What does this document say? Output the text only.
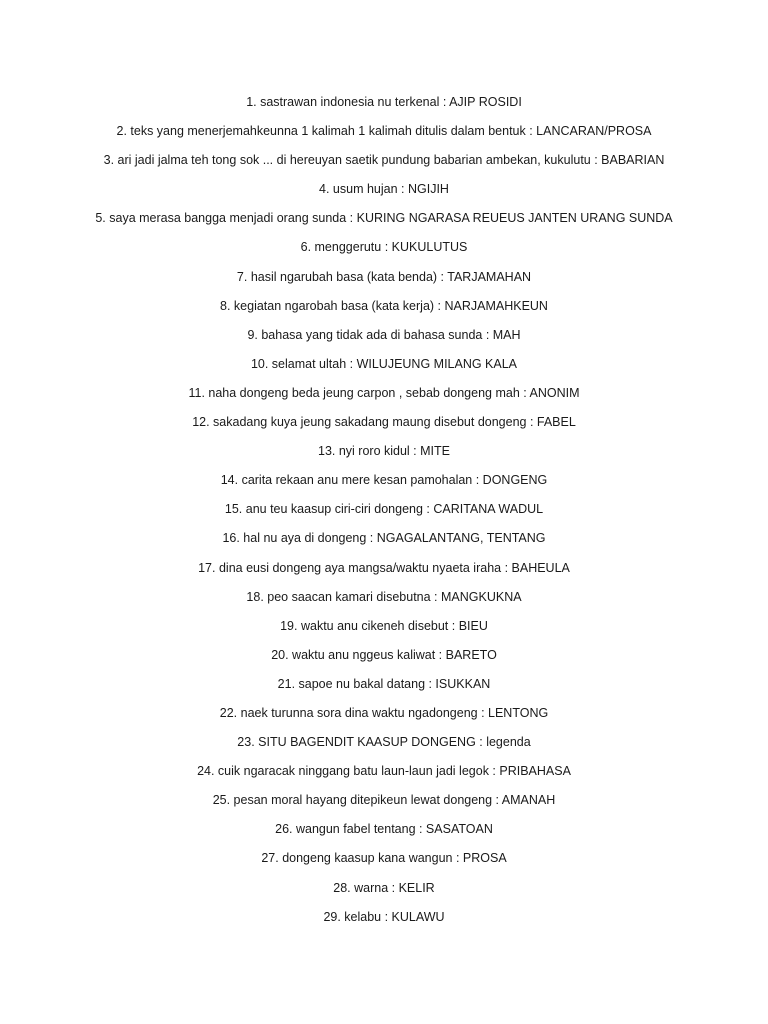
1. sastrawan indonesia nu terkenal : AJIP ROSIDI
2. teks yang menerjemahkeunna 1 kalimah 1 kalimah ditulis dalam bentuk : LANCARAN/PROSA
3. ari jadi jalma teh tong sok ... di hereuyan saetik pundung babarian ambekan, kukulutu : BABARIAN
4. usum hujan : NGIJIH
5. saya merasa bangga menjadi orang sunda : KURING NGARASA REUEUS JANTEN URANG SUNDA
6. menggerutu : KUKULUTUS
7. hasil ngarubah basa (kata benda) : TARJAMAHAN
8. kegiatan ngarobah basa (kata kerja) : NARJAMAHKEUN
9. bahasa yang tidak ada di bahasa sunda : MAH
10. selamat ultah : WILUJEUNG MILANG KALA
11. naha dongeng beda jeung carpon , sebab dongeng mah : ANONIM
12. sakadang kuya jeung sakadang maung disebut dongeng : FABEL
13. nyi roro kidul : MITE
14. carita rekaan anu mere kesan pamohalan : DONGENG
15. anu teu kaasup ciri-ciri dongeng : CARITANA WADUL
16. hal nu aya di dongeng : NGAGALANTANG, TENTANG
17. dina eusi dongeng aya mangsa/waktu nyaeta iraha : BAHEULA
18. peo saacan kamari disebutna : MANGKUKNA
19. waktu anu cikeneh disebut : BIEU
20. waktu anu nggeus kaliwat : BARETO
21. sapoe nu bakal datang : ISUKKAN
22. naek turunna sora dina waktu ngadongeng : LENTONG
23. SITU BAGENDIT KAASUP DONGENG : legenda
24. cuik ngaracak ninggang batu laun-laun jadi legok : PRIBAHASA
25. pesan moral hayang ditepikeun lewat dongeng : AMANAH
26. wangun fabel tentang : SASATOAN
27. dongeng kaasup kana wangun : PROSA
28. warna : KELIR
29. kelabu : KULAWU
